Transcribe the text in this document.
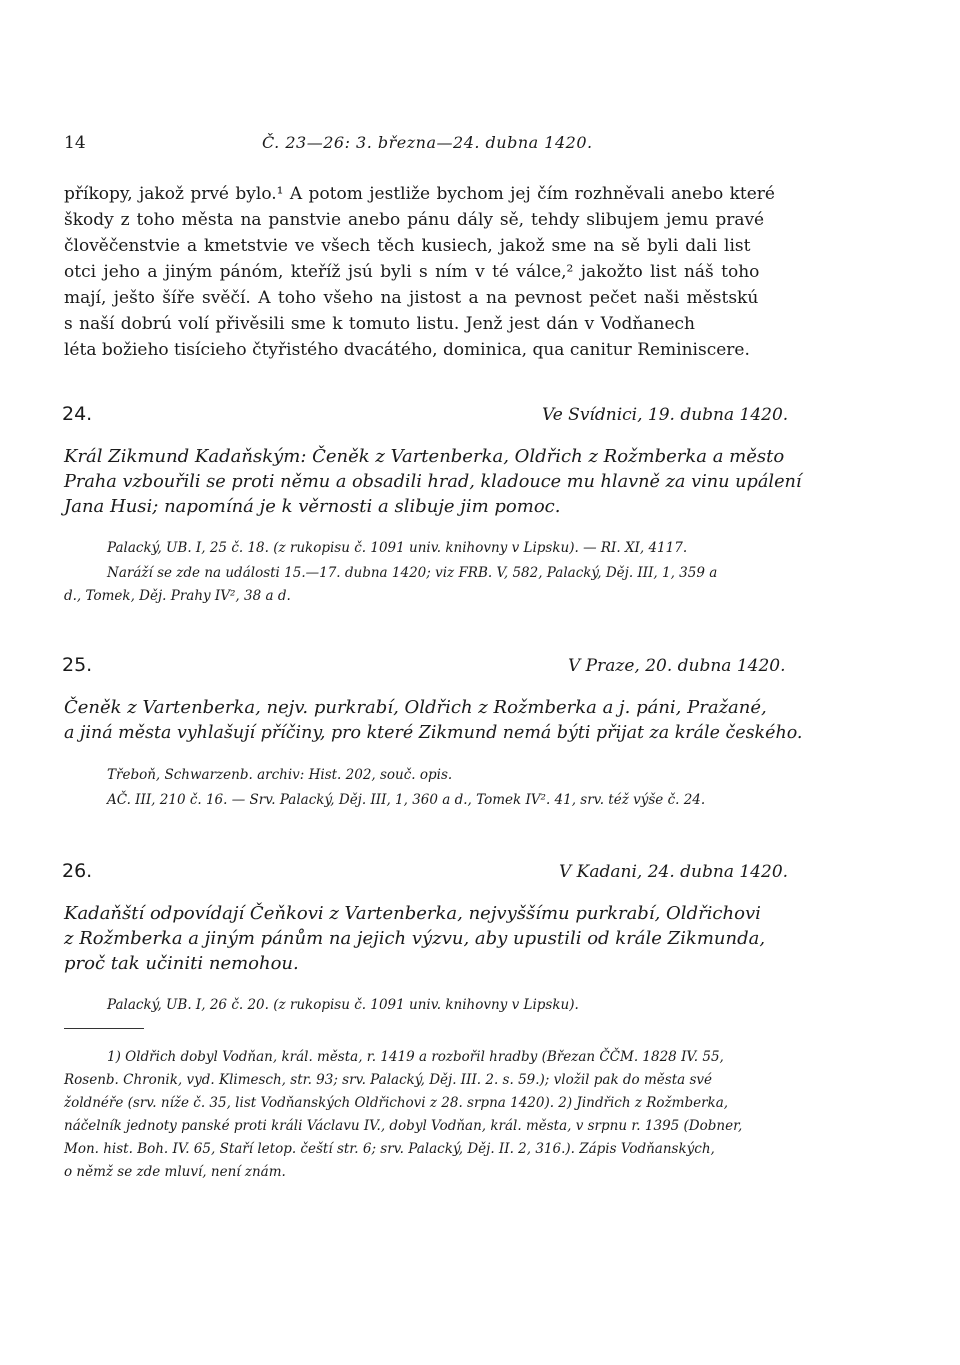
14	Č. 23—26: 3. března—24. dubna 1420.
příkopy, jakož prvé bylo.¹ A potom jestliže bychom jej čím rozhněvali anebo které
škody z toho města na panstvie anebo pánu dály sě, tehdy slibujem jemu pravé
člověčenstvie a kmetstvie ve všech těch kusiech, jakož sme na sě byli dali list
otci jeho a jiným pánóm, kteříž jsú byli s ním v té válce,² jakožto list náš toho
mají, ješto šíře svěčí. A toho všeho na jistost a na pevnost pečet naši městskú
s naší dobrú volí přivěsili sme k tomuto listu. Jenž jest dán v Vodňanech
léta božieho tisícieho čtyřistého dvacátého, dominica, qua canitur Reminiscere.
24.	Ve Svídnici, 19. dubna 1420.
Král Zikmund Kadaňským: Čeněk z Vartenberka, Oldřich z Rožmberka a město
Praha vzbouřili se proti němu a obsadili hrad, kladouce mu hlavně za vinu upálení
Jana Husi; napomíná je k věrnosti a slibuje jim pomoc.
Palacký, UB. I, 25 č. 18. (z rukopisu č. 1091 univ. knihovny v Lipsku). — RI. XI, 4117.
Naráží se zde na události 15.—17. dubna 1420; viz FRB. V, 582, Palacký, Děj. III, 1, 359 a
d., Tomek, Děj. Prahy IV², 38 a d.
25.	V Praze, 20. dubna 1420.
Čeněk z Vartenberka, nejv. purkrabí, Oldřich z Rožmberka a j. páni, Pražané,
a jiná města vyhlašují příčiny, pro které Zikmund nemá býti přijat za krále českého.
Třeboň, Schwarzenb. archiv: Hist. 202, souč. opis.
AČ. III, 210 č. 16. — Srv. Palacký, Děj. III, 1, 360 a d., Tomek IV². 41, srv. též výše č. 24.
26.	V Kadani, 24. dubna 1420.
Kadaňští odpovídají Čeňkovi z Vartenberka, nejvyššímu purkrabí, Oldřichovi
z Rožmberka a jiným pánům na jejich výzvu, aby upustili od krále Zikmunda,
proč tak učiniti nemohou.
Palacký, UB. I, 26 č. 20. (z rukopisu č. 1091 univ. knihovny v Lipsku).
1) Oldřich dobyl Vodňan, král. města, r. 1419 a rozbořil hradby (Březan ČČM. 1828 IV. 55,
Rosenb. Chronik, vyd. Klimesch, str. 93; srv. Palacký, Děj. III. 2. s. 59.); vložil pak do města své
žoldnéře (srv. níže č. 35, list Vodňanských Oldřichovi z 28. srpna 1420). 2) Jindřich z Rožmberka,
náčelník jednoty panské proti králi Václavu IV., dobyl Vodňan, král. města, v srpnu r. 1395 (Dobner,
Mon. hist. Boh. IV. 65, Staří letop. čeští str. 6; srv. Palacký, Děj. II. 2, 316.). Zápis Vodňanských,
o němž se zde mluví, není znám.
